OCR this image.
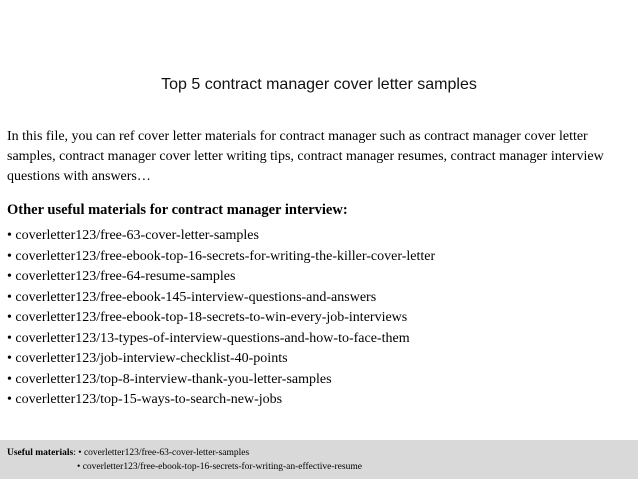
Top 5 contract manager cover letter samples
In this file, you can ref cover letter materials for contract manager such as contract manager cover letter samples, contract manager cover letter writing tips, contract manager resumes, contract manager interview questions with answers…
Other useful materials for contract manager interview:
• coverletter123/free-63-cover-letter-samples
• coverletter123/free-ebook-top-16-secrets-for-writing-the-killer-cover-letter
• coverletter123/free-64-resume-samples
• coverletter123/free-ebook-145-interview-questions-and-answers
• coverletter123/free-ebook-top-18-secrets-to-win-every-job-interviews
• coverletter123/13-types-of-interview-questions-and-how-to-face-them
• coverletter123/job-interview-checklist-40-points
• coverletter123/top-8-interview-thank-you-letter-samples
• coverletter123/top-15-ways-to-search-new-jobs
Useful materials: • coverletter123/free-63-cover-letter-samples
• coverletter123/free-ebook-top-16-secrets-for-writing-an-effective-resume
